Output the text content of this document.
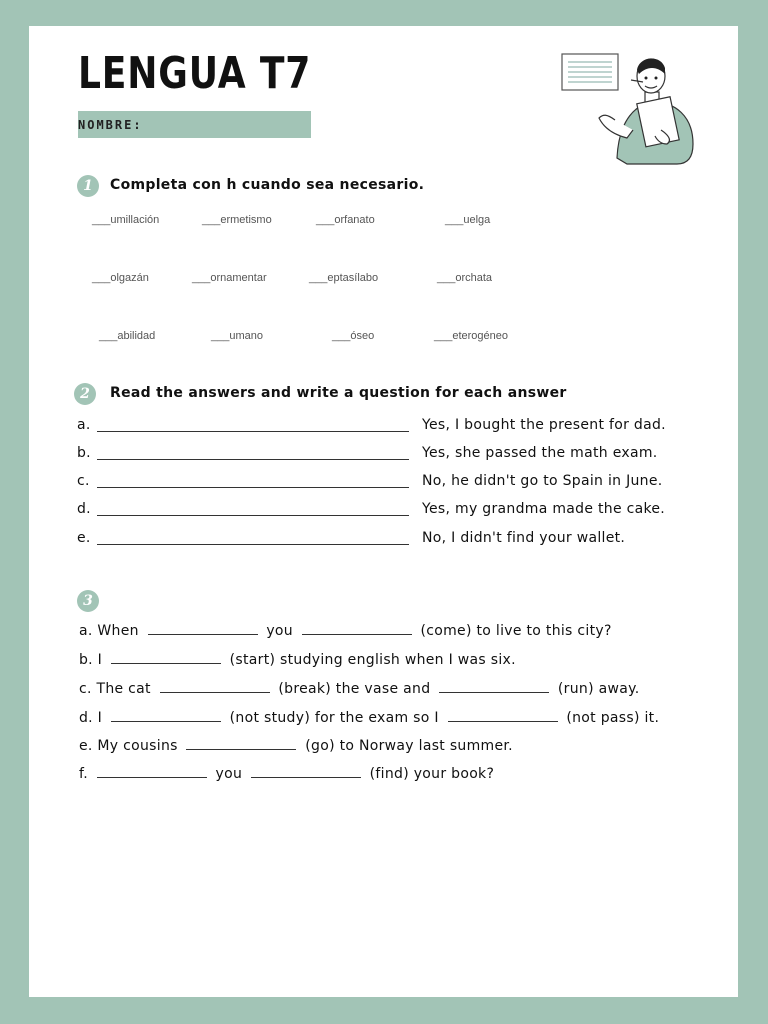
LENGUA T7
NOMBRE:
1	Completa con h cuando sea necesario.
___umillación	___ermetismo	___orfanato	___uelga
___olgazán	___ornamentar	___eptasílabo	___orchata
___abilidad	___umano	___óseo	___eterogéneo
2	Read the answers and write a question for each answer
a.	Yes, I bought the present for dad.
b.	Yes, she passed the math exam.
c.	No, he didn't go to Spain in June.
d.	Yes, my grandma made the cake.
e.	No, I didn't find your wallet.
3
a. When	you	(come) to live to this city?
b. I	(start) studying english when I was six.
c. The cat	(break) the vase and	(run) away.
d. I	(not study) for the exam so I	(not pass) it.
e. My cousins	(go) to Norway last summer.
f.	you	(find) your book?
